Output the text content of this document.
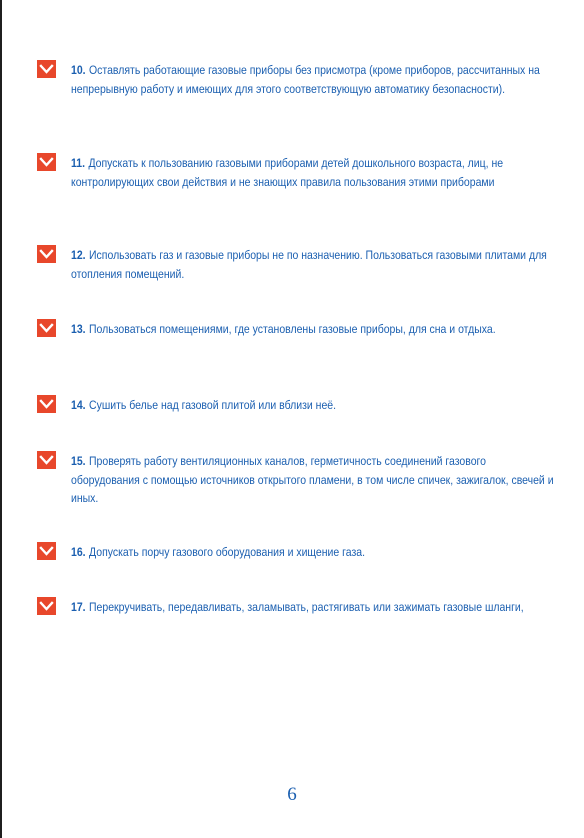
10. Оставлять работающие газовые приборы без присмотра (кроме приборов, рассчитанных на непрерывную работу и имеющих для этого соответствующую автоматику безопасности).
11. Допускать к пользованию газовыми приборами детей дошкольного возраста, лиц, не контролирующих свои действия и не знающих правила пользования этими приборами
12. Использовать газ и газовые приборы не по назначению. Пользоваться газовыми плитами для отопления помещений.
13. Пользоваться помещениями, где установлены газовые приборы, для сна и отдыха.
14. Сушить белье над газовой плитой или вблизи неё.
15. Проверять работу вентиляционных каналов, герметичность соединений газового оборудования с помощью источников открытого пламени, в том числе спичек, зажигалок, свечей и иных.
16. Допускать порчу газового оборудования и хищение газа.
17. Перекручивать, передавливать, заламывать, растягивать или зажимать газовые шланги,
6
